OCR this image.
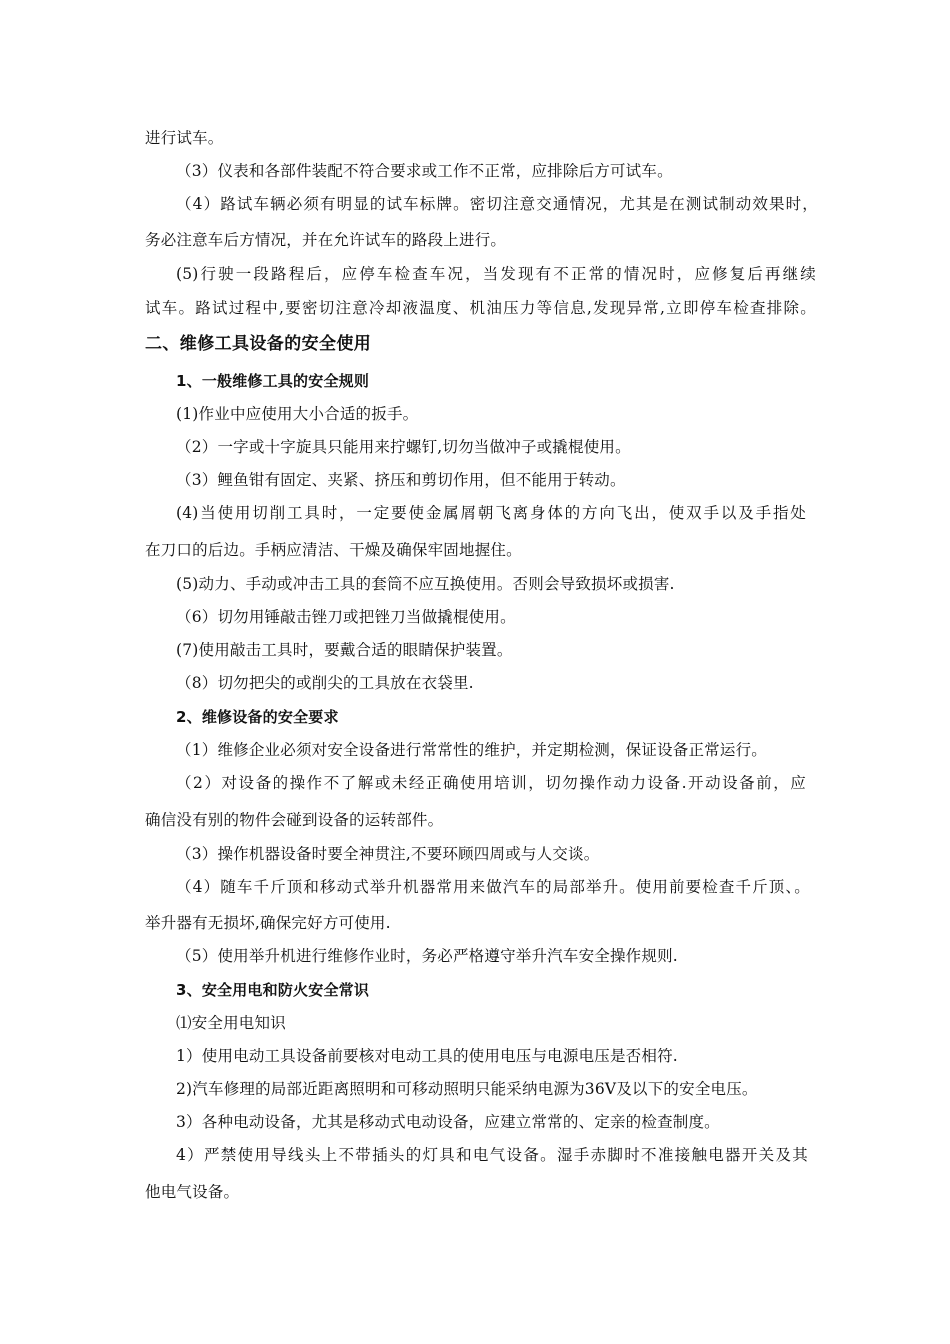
进行试车。
（3）仪表和各部件装配不符合要求或工作不正常，应排除后方可试车。
（4）路试车辆必须有明显的试车标牌。密切注意交通情况，尤其是在测试制动效果时，
务必注意车后方情况，并在允许试车的路段上进行。
(5)行驶一段路程后，应停车检查车况，当发现有不正常的情况时，应修复后再继续
试车。路试过程中,要密切注意冷却液温度、机油压力等信息,发现异常,立即停车检查排除。
二、维修工具设备的安全使用
1、一般维修工具的安全规则
(1)作业中应使用大小合适的扳手。
（2）一字或十字旋具只能用来拧螺钉,切勿当做冲子或撬棍使用。
（3）鲤鱼钳有固定、夹紧、挤压和剪切作用，但不能用于转动。
(4)当使用切削工具时，一定要使金属屑朝飞离身体的方向飞出，使双手以及手指处
在刀口的后边。手柄应清洁、干燥及确保牢固地握住。
(5)动力、手动或冲击工具的套筒不应互换使用。否则会导致损坏或损害.
（6）切勿用锤敲击锉刀或把锉刀当做撬棍使用。
(7)使用敲击工具时，要戴合适的眼睛保护装置。
（8）切勿把尖的或削尖的工具放在衣袋里.
2、维修设备的安全要求
（1）维修企业必须对安全设备进行常常性的维护，并定期检测，保证设备正常运行。
（2）对设备的操作不了解或未经正确使用培训，切勿操作动力设备.开动设备前，应
确信没有别的物件会碰到设备的运转部件。
（3）操作机器设备时要全神贯注,不要环顾四周或与人交谈。
（4）随车千斤顶和移动式举升机器常用来做汽车的局部举升。使用前要检查千斤顶、。
举升器有无损坏,确保完好方可使用.
（5）使用举升机进行维修作业时，务必严格遵守举升汽车安全操作规则.
3、安全用电和防火安全常识
⑴安全用电知识
1）使用电动工具设备前要核对电动工具的使用电压与电源电压是否相符.
2)汽车修理的局部近距离照明和可移动照明只能采纳电源为36V及以下的安全电压。
3）各种电动设备，尤其是移动式电动设备，应建立常常的、定亲的检查制度。
4）严禁使用导线头上不带插头的灯具和电气设备。湿手赤脚时不准接触电器开关及其
他电气设备。
